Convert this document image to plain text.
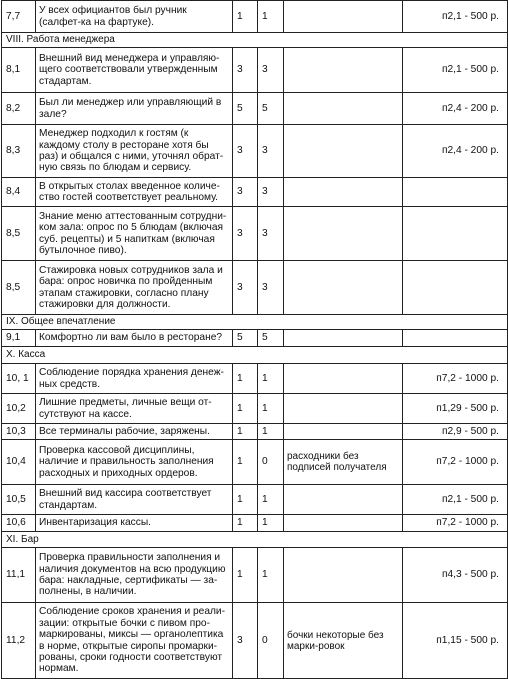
7,7	У всех официантов был ручник (салфет-ка на фартуке).	1	1		п2,1 - 500 р.
VIII. Работа менеджера					
8,1	Внешний вид менеджера и управляю-щего соответствовали утвержденным стадартам.	3	3		п2,1 - 500 р.
8,2	Был ли менеджер или управляющий в зале?	5	5		п2,4 - 200 р.
8,3	Менеджер подходил к гостям (к каждому столу в ресторане хотя бы раз) и общался с ними, уточнял обрат-ную связь по блюдам и сервису.	3	3		п2,4 - 200 р.
8,4	В открытых столах введенное количе-ство гостей соответствует реальному.	3	3		
8,5	Знание меню аттестованным сотрудни-ком зала: опрос по 5 блюдам (включая суб. рецепты) и 5 напиткам (включая бутылочное пиво).	3	3		
8,5	Стажировка новых сотрудников зала и бара: опрос новичка по пройденным этапам стажировки, согласно плану стажировки для должности.	3	3		
IX. Общее впечатление					
9,1	Комфортно ли вам было в ресторане?	5	5		
X. Касса					
10, 1	Соблюдение порядка хранения денеж-ных средств.	1	1		п7,2 - 1000 р.
10,2	Лишние предметы, личные вещи от-сутствуют на кассе.	1	1		п1,29 - 500 р.
10,3	Все терминалы рабочие, заряжены.	1	1		п2,9 - 500 р.
10,4	Проверка кассовой дисциплины, наличие и правильность заполнения расходных и приходных ордеров.	1	0	расходники без подписей получателя	п7,2 - 1000 р.
10,5	Внешний вид кассира соответствует стандартам.	1	1		п2,1 - 500 р.
10,6	Инвентаризация кассы.	1	1		п7,2 - 1000 р.
XI. Бар					
11,1	Проверка правильности заполнения и наличия документов на всю продукцию бара: накладные, сертификаты — за-полнены, в наличии.	1	1		п4,3 - 500 р.
11,2	Соблюдение сроков хранения и реали-зации: открытые бочки с пивом про-маркированы, миксы — органолептика в норме, открытые сиропы промарки-рованы, сроки годности соответствуют нормам.	3	0	бочки некоторые без марки-ровок	п1,15 - 500 р.
